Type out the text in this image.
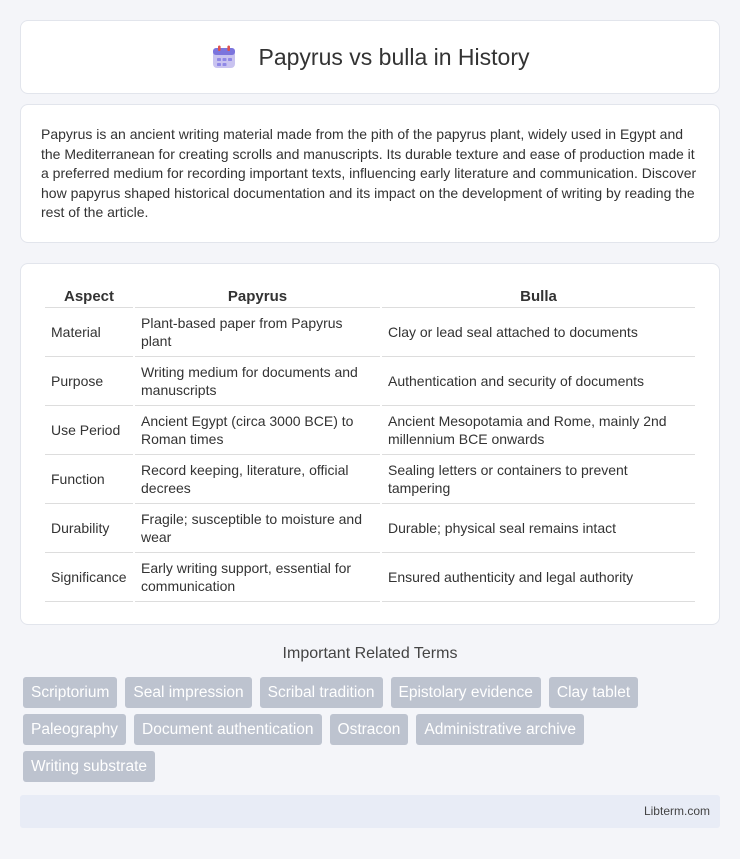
Papyrus vs bulla in History

Papyrus is an ancient writing material made from the pith of the papyrus plant, widely used in Egypt and the Mediterranean for creating scrolls and manuscripts. Its durable texture and ease of production made it a preferred medium for recording important texts, influencing early literature and communication. Discover how papyrus shaped historical documentation and its impact on the development of writing by reading the rest of the article.

Aspect	Papyrus	Bulla
Material	Plant-based paper from Papyrus plant	Clay or lead seal attached to documents
Purpose	Writing medium for documents and manuscripts	Authentication and security of documents
Use Period	Ancient Egypt (circa 3000 BCE) to Roman times	Ancient Mesopotamia and Rome, mainly 2nd millennium BCE onwards
Function	Record keeping, literature, official decrees	Sealing letters or containers to prevent tampering
Durability	Fragile; susceptible to moisture and wear	Durable; physical seal remains intact
Significance	Early writing support, essential for communication	Ensured authenticity and legal authority
Important Related Terms
Scriptorium	Seal impression	Scribal tradition	Epistolary evidence	Clay tablet
Paleography	Document authentication	Ostracon	Administrative archive
Writing substrate
Libterm.com
